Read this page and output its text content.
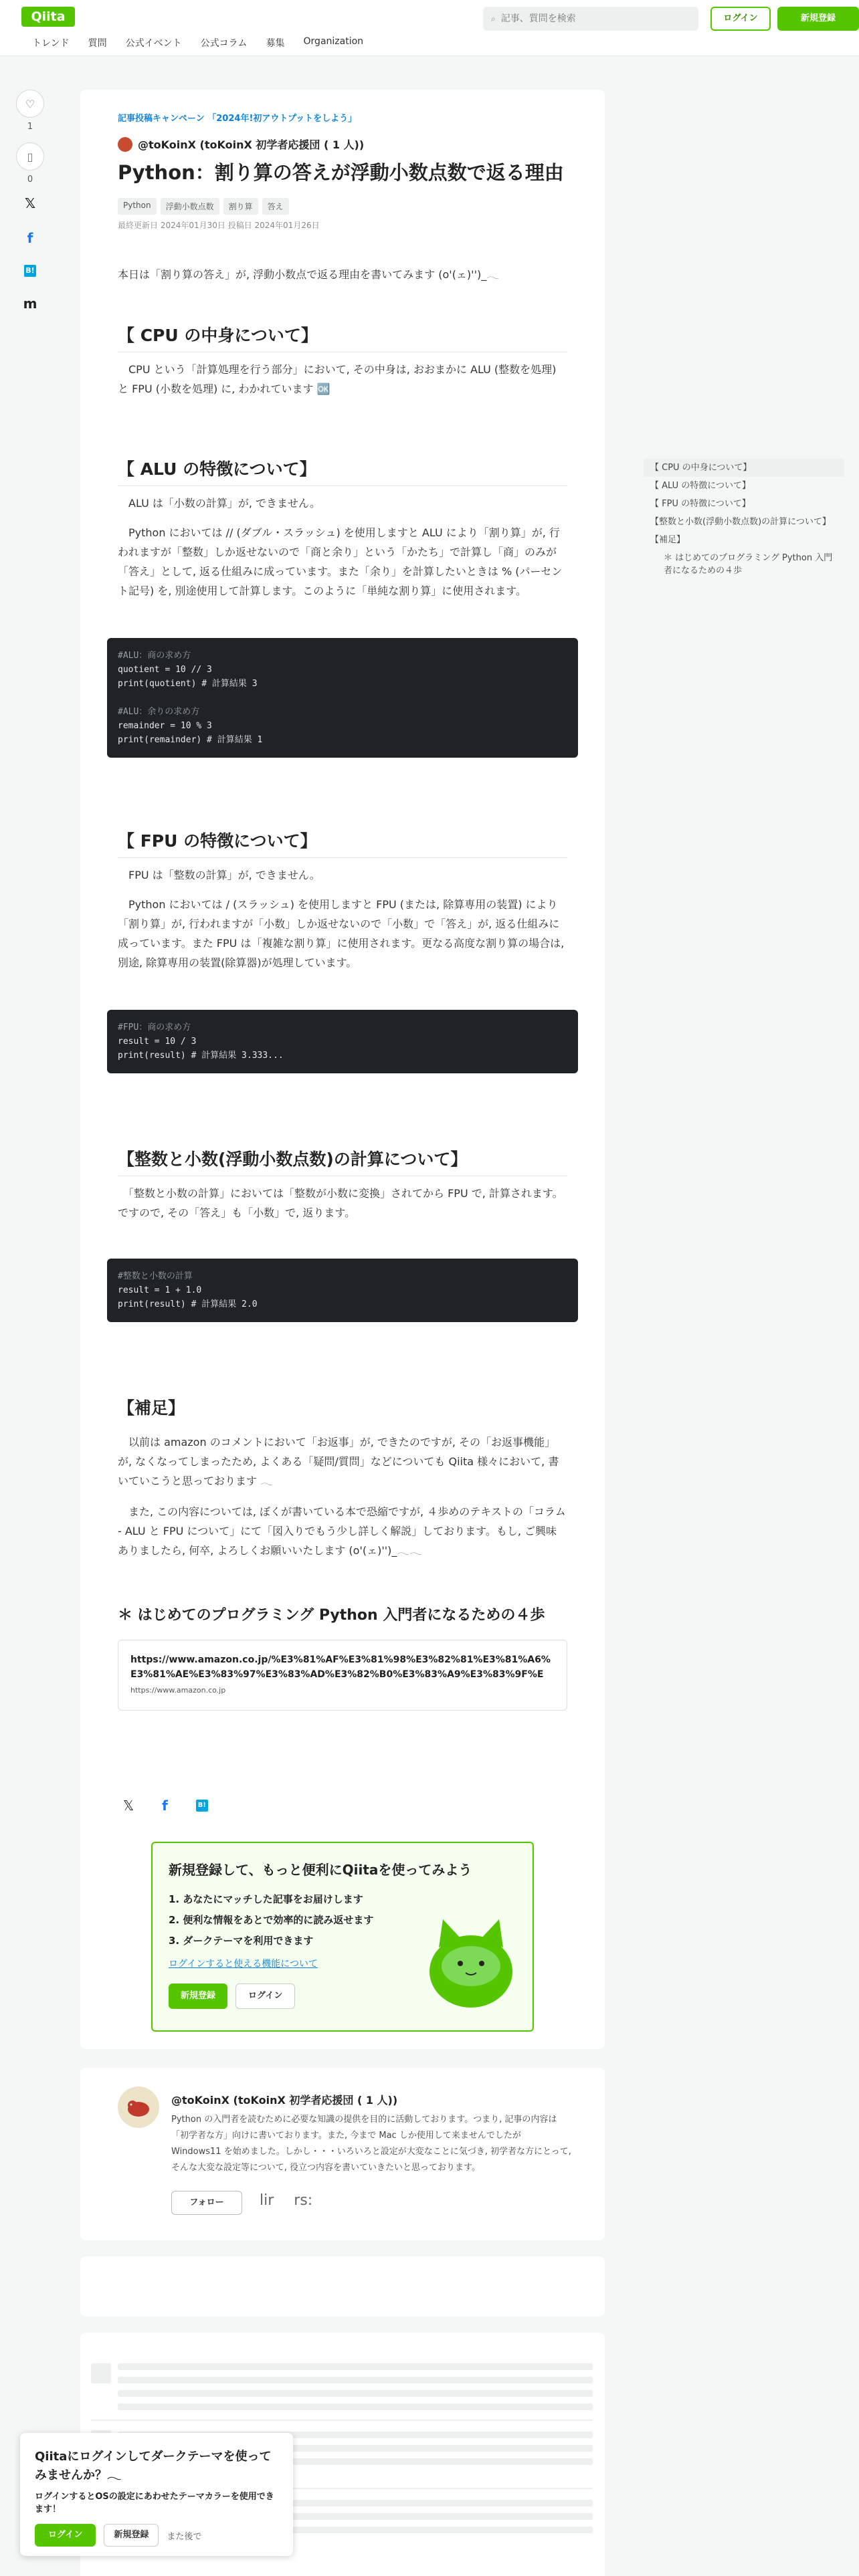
Qiita	⌕
記事、質問を検索	ログイン	新規登録
トレンド 質問 公式イベント 公式コラム 募集 Organization
♡
1
▯
0
𝕏
f
B!
m
記事投稿キャンペーン 「2024年!初アウトプットをしよう」
@toKoinX (toKoinX 初学者応援団 ( 1 人))
Python：割り算の答えが浮動小数点数で返る理由
Python	浮動小数点数	割り算	答え
最終更新日 2024年01月30日 投稿日 2024年01月26日

本日は「割り算の答え」が, 浮動小数点で返る理由を書いてみます (o'(ェ)'')_𓂃

【 CPU の中身について】

　CPU という「計算処理を行う部分」において, その中身は, おおまかに ALU (整数を処理) と FPU (小数を処理) に, わかれています 🆗

【 ALU の特徴について】

　ALU は「小数の計算」が, できません。

　Python においては // (ダブル・スラッシュ) を使用しますと ALU により「割り算」が, 行われますが「整数」しか返せないので「商と余り」という「かたち」で計算し「商」のみが「答え」として, 返る仕組みに成っています。また「余り」を計算したいときは % (パーセント記号) を, 別途使用して計算します。このように「単純な割り算」に使用されます。

#ALU：商の求め方
quotient = 10 // 3
print(quotient) # 計算結果 3

#ALU：余りの求め方
remainder = 10 % 3
print(remainder) # 計算結果 1
【 FPU の特徴について】

　FPU は「整数の計算」が, できません。

　Python においては / (スラッシュ) を使用しますと FPU (または, 除算専用の装置) により「割り算」が, 行われますが「小数」しか返せないので「小数」で「答え」が, 返る仕組みに成っています。また FPU は「複雑な割り算」に使用されます。更なる高度な割り算の場合は, 別途, 除算専用の装置(除算器)が処理しています。

#FPU：商の求め方
result = 10 / 3
print(result) # 計算結果 3.333...
【整数と小数(浮動小数点数)の計算について】

　「整数と小数の計算」においては「整数が小数に変換」されてから FPU で, 計算されます。ですので, その「答え」も「小数」で, 返ります。

#整数と小数の計算
result = 1 + 1.0
print(result) # 計算結果 2.0
【補足】

　以前は amazon のコメントにおいて「お返事」が, できたのですが, その「お返事機能」が, なくなってしまったため, よくある「疑問/質問」などについても Qiita 様々において, 書いていこうと思っております 𓂃

　また, この内容については, ぼくが書いている本で恐縮ですが, ４歩めのテキストの「コラム - ALU と FPU について」にて「図入りでもう少し詳しく解説」しております。もし, ご興味ありましたら, 何卒, よろしくお願いいたします (o'(ェ)'')_𓂃𓂃

＊ はじめてのプログラミング Python 入門者になるための４歩
https://www.amazon.co.jp/%E3%81%AF%E3%81%98%E3%82%81%E3%81%A6%E3%81%AE%E3%83%97%E3%83%AD%E3%82%B0%E3%83%A9%E3%83%9F%E
https://www.amazon.co.jp
𝕏 f	B!
新規登録して、もっと便利にQiitaを使ってみよう
1. あなたにマッチした記事をお届けします
2. 便利な情報をあとで効率的に読み返せます
3. ダークテーマを利用できます
ログインすると使える機能について
新規登録	ログイン
@toKoinX (toKoinX 初学者応援団 ( 1 人))
Python の入門者を読むために必要な知識の提供を目的に活動しております。つまり, 記事の内容は「初学者な方」向けに書いております。また, 今まで Mac しか使用して来ませんでしたが Windows11 を始めました。しかし・・・いろいろと設定が大変なことに気づき, 初学者な方にとって, そんな大変な設定等について, 役立つ内容を書いていきたいと思っております。
フォロー	lir rs:
【 CPU の中身について】
【 ALU の特徴について】
【 FPU の特徴について】
【整数と小数(浮動小数点数)の計算について】
【補足】
＊ はじめてのプログラミング Python 入門者になるための４歩
Qiitaにログインしてダークテーマを使ってみませんか？𓂃

ログインするとOSの設定にあわせたテーマカラーを使用できます！

ログイン	新規登録	また後で
